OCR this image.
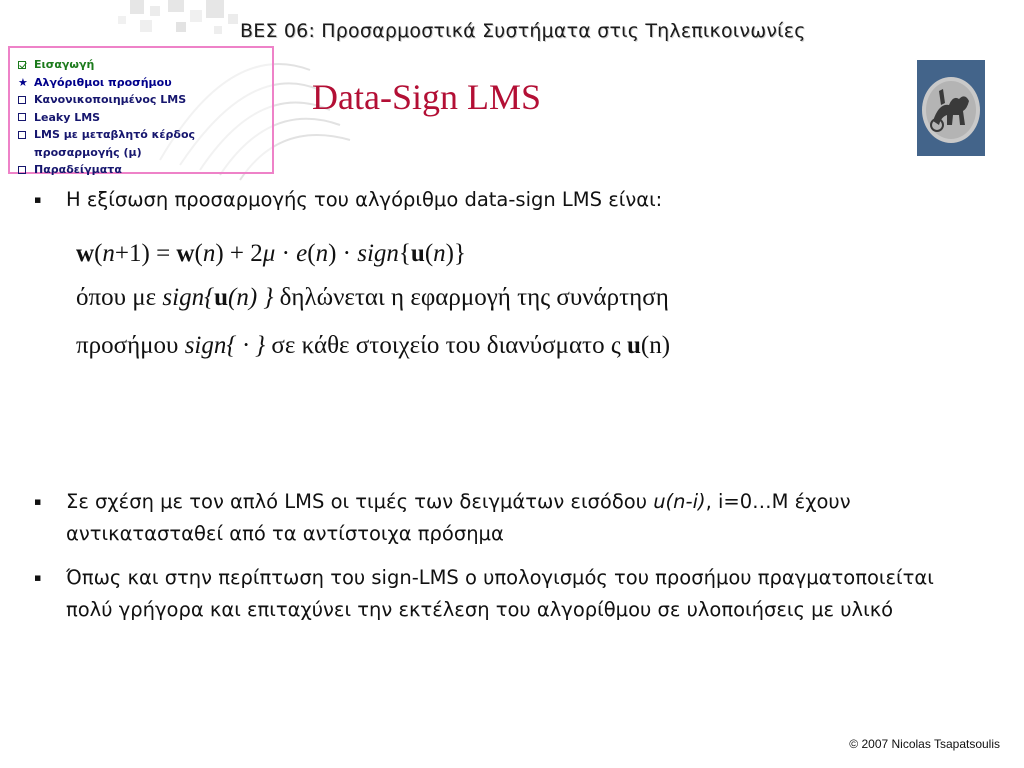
ΒΕΣ 06: Προσαρμοστικά Συστήματα στις Τηλεπικοινωνίες
Εισαγωγή
★ Αλγόριθμοι προσήμου
Κανονικοποιημένος LMS
Leaky LMS
LMS με μεταβλητό κέρδος
προσαρμογής (μ)
Παραδείγματα
Data-Sign LMS
▪	Η εξίσωση προσαρμογής του αλγόριθμο data-sign LMS είναι:
w(n+1) = w(n) + 2μ · e(n) · sign{u(n)}
όπου με sign{u(n) } δηλώνεται η εφαρμογή της συνάρτηση
προσήμου sign{ · } σε κάθε στοιχείο του διανύσματο ς u(n)
▪	Σε σχέση με τον απλό LMS οι τιμές των δειγμάτων εισόδου u(n-i), i=0…M έχουν αντικατασταθεί από τα αντίστοιχα πρόσημα
▪	Όπως και στην περίπτωση του sign-LMS ο υπολογισμός του προσήμου πραγματοποιείται πολύ γρήγορα και επιταχύνει την εκτέλεση του αλγορίθμου σε υλοποιήσεις με υλικό
© 2007 Nicolas Tsapatsoulis
